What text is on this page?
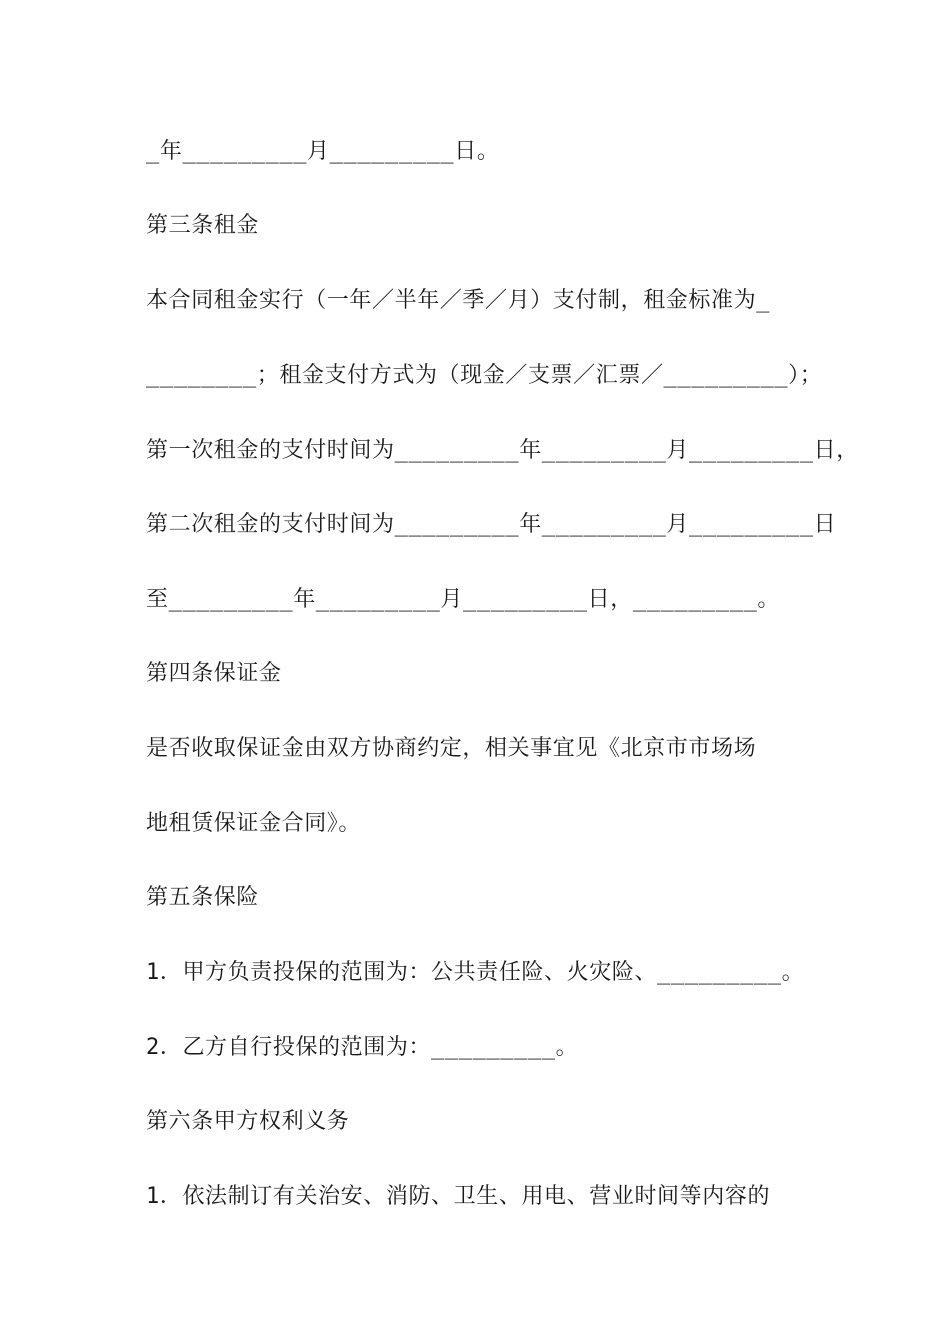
_年_________月_________日。
第三条租金
本合同租金实行（一年／半年／季／月）支付制，租金标准为_
________；租金支付方式为（现金／支票／汇票／_________）；
第一次租金的支付时间为_________年_________月_________日，
第二次租金的支付时间为_________年_________月_________日
至_________年_________月_________日，_________。
第四条保证金
是否收取保证金由双方协商约定，相关事宜见《北京市市场场
地租赁保证金合同》。
第五条保险
1．甲方负责投保的范围为：公共责任险、火灾险、_________。
2．乙方自行投保的范围为：_________。
第六条甲方权利义务
1．依法制订有关治安、消防、卫生、用电、营业时间等内容的
